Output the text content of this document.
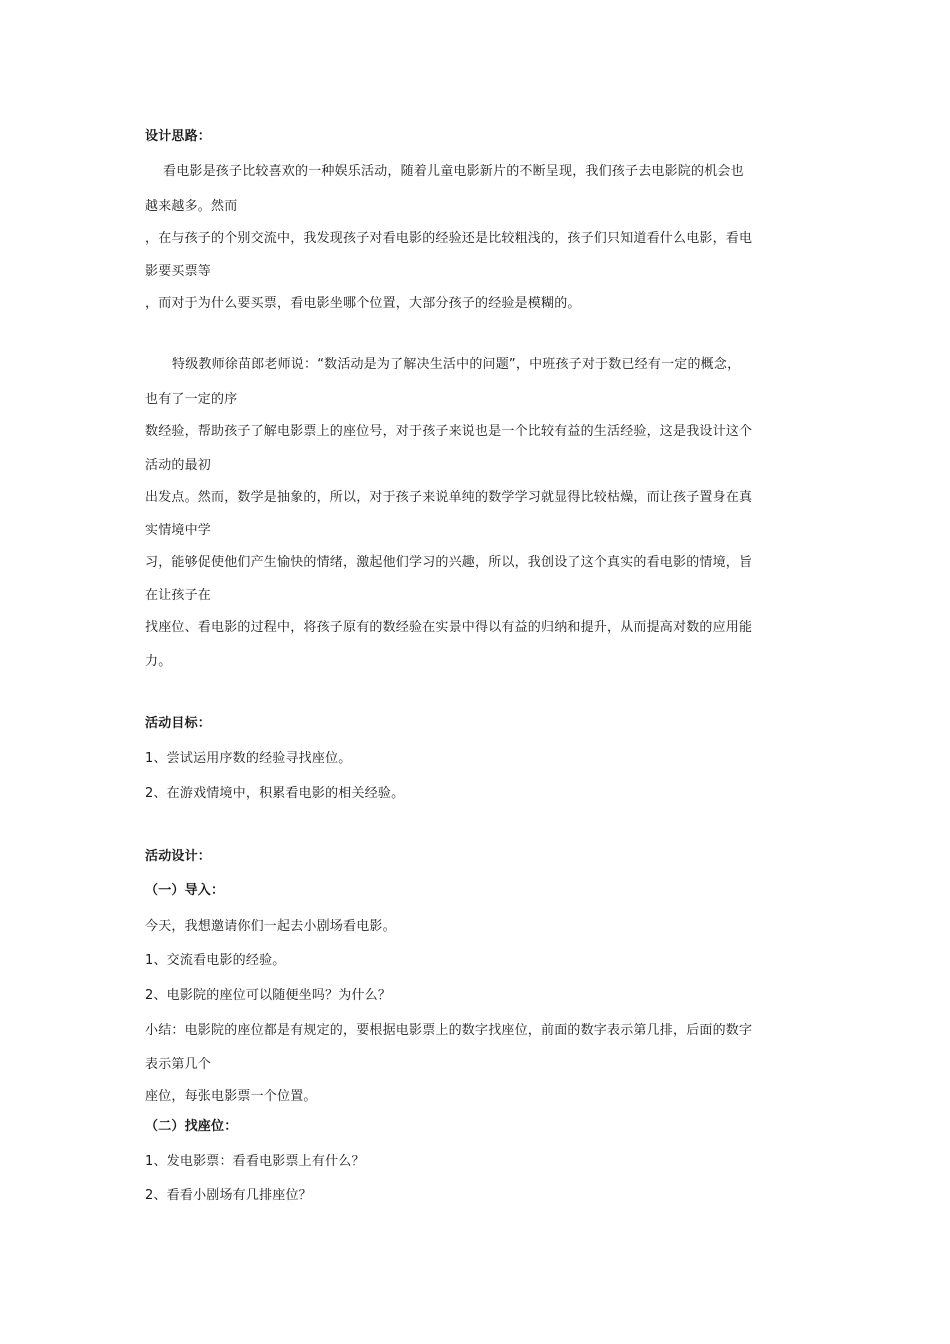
设计思路：
看电影是孩子比较喜欢的一种娱乐活动，随着儿童电影新片的不断呈现，我们孩子去电影院的机会也
越来越多。然而
，在与孩子的个别交流中，我发现孩子对看电影的经验还是比较粗浅的，孩子们只知道看什么电影，看电
影要买票等
，而对于为什么要买票，看电影坐哪个位置，大部分孩子的经验是模糊的。
特级教师徐苗郎老师说：“数活动是为了解决生活中的问题”，中班孩子对于数已经有一定的概念，
也有了一定的序
数经验，帮助孩子了解电影票上的座位号，对于孩子来说也是一个比较有益的生活经验，这是我设计这个
活动的最初
出发点。然而，数学是抽象的，所以，对于孩子来说单纯的数学学习就显得比较枯燥，而让孩子置身在真
实情境中学
习，能够促使他们产生愉快的情绪，激起他们学习的兴趣，所以，我创设了这个真实的看电影的情境，旨
在让孩子在
找座位、看电影的过程中，将孩子原有的数经验在实景中得以有益的归纳和提升，从而提高对数的应用能
力。
活动目标：
1、尝试运用序数的经验寻找座位。
2、在游戏情境中，积累看电影的相关经验。
活动设计：
（一）导入：
今天，我想邀请你们一起去小剧场看电影。
1、交流看电影的经验。
2、电影院的座位可以随便坐吗？为什么？
小结：电影院的座位都是有规定的，要根据电影票上的数字找座位，前面的数字表示第几排，后面的数字
表示第几个
座位，每张电影票一个位置。
（二）找座位：
1、发电影票：看看电影票上有什么？
2、看看小剧场有几排座位？
